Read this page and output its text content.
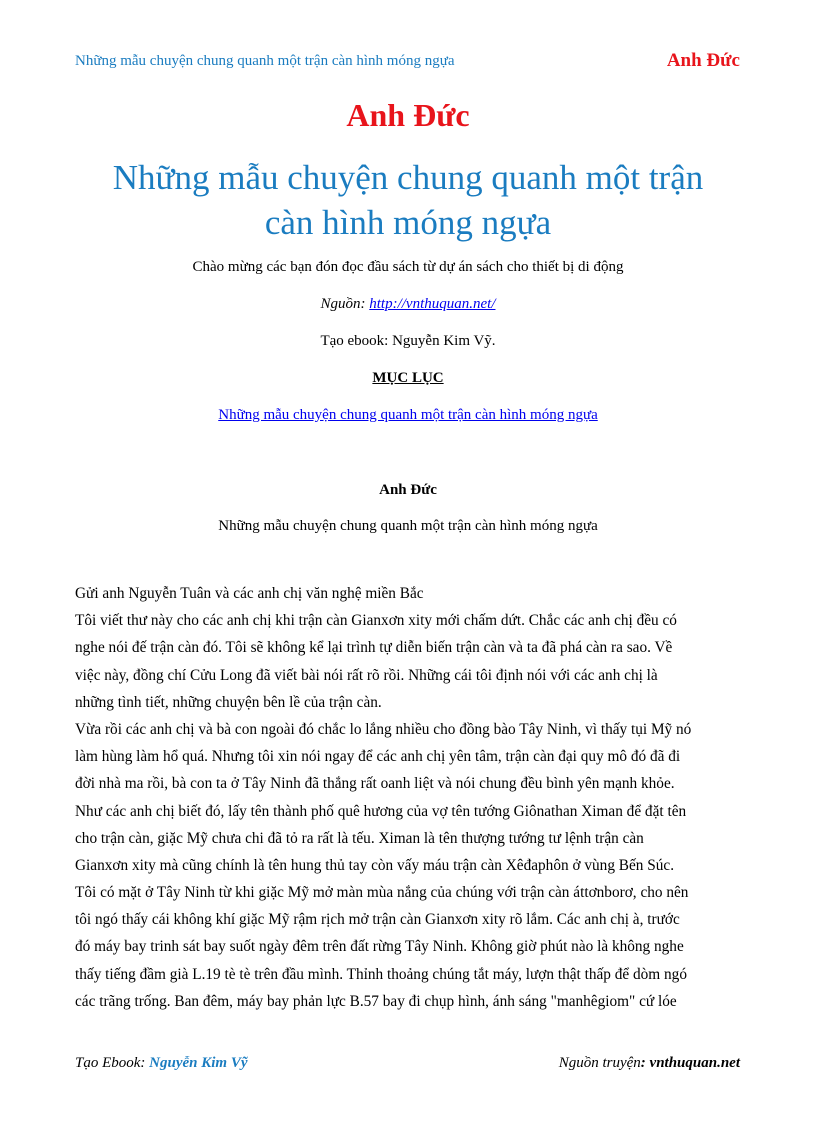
Những mẫu chuyện chung quanh một trận càn hình móng ngựa	Anh Đức
Anh Đức
Những mẫu chuyện chung quanh một trận
càn hình móng ngựa
Chào mừng các bạn đón đọc đầu sách từ dự án sách cho thiết bị di động
Nguồn: http://vnthuquan.net/
Tạo ebook: Nguyễn Kim Vỹ.
MỤC LỤC
Những mẫu chuyện chung quanh một trận càn hình móng ngựa
Anh Đức
Những mẫu chuyện chung quanh một trận càn hình móng ngựa
Gửi anh Nguyễn Tuân và các anh chị văn nghệ miền Bắc
Tôi viết thư này cho các anh chị khi trận càn Gianxơn xity mới chấm dứt. Chắc các anh chị đều có
nghe nói đế trận càn đó. Tôi sẽ không kể lại trình tự diễn biến trận càn và ta đã phá càn ra sao. Về
việc này, đồng chí Cửu Long đã viết bài nói rất rõ rồi. Những cái tôi định nói với các anh chị là
những tình tiết, những chuyện bên lề của trận càn.
Vừa rồi các anh chị và bà con ngoài đó chắc lo lắng nhiều cho đồng bào Tây Ninh, vì thấy tụi Mỹ nó
làm hùng làm hổ quá. Nhưng tôi xin nói ngay để các anh chị yên tâm, trận càn đại quy mô đó đã đi
đời nhà ma rồi, bà con ta ở Tây Ninh đã thắng rất oanh liệt và nói chung đều bình yên mạnh khỏe.
Như các anh chị biết đó, lấy tên thành phố quê hương của vợ tên tướng Giônathan Ximan để đặt tên
cho trận càn, giặc Mỹ chưa chi đã tỏ ra rất là tếu. Ximan là tên thượng tướng tư lệnh trận càn
Gianxơn xity mà cũng chính là tên hung thủ tay còn vấy máu trận càn Xêđaphôn ở vùng Bến Súc.
Tôi có mặt ở Tây Ninh từ khi giặc Mỹ mở màn mùa nắng của chúng với trận càn áttơnborơ, cho nên
tôi ngó thấy cái không khí giặc Mỹ rậm rịch mở trận càn Gianxơn xity rõ lắm. Các anh chị à, trước
đó máy bay trinh sát bay suốt ngày đêm trên đất rừng Tây Ninh. Không giờ phút nào là không nghe
thấy tiếng đầm già L.19 tè tè trên đầu mình. Thỉnh thoảng chúng tắt máy, lượn thật thấp để dòm ngó
các trãng trống. Ban đêm, máy bay phản lực B.57 bay đi chụp hình, ánh sáng "manhêgiom" cứ lóe
Tạo Ebook: Nguyễn Kim Vỹ	Nguồn truyện: vnthuquan.net
